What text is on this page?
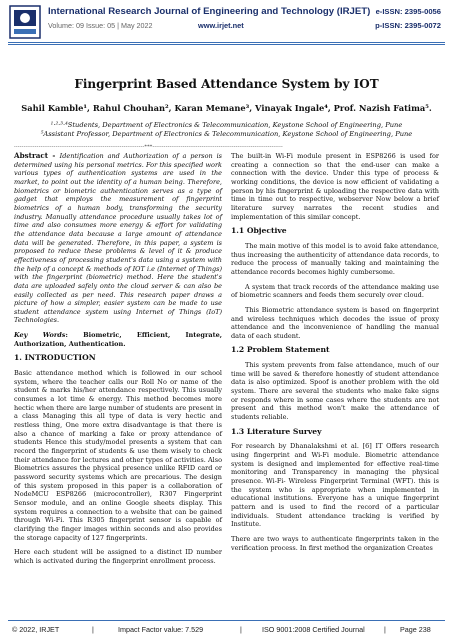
International Research Journal of Engineering and Technology (IRJET)
Volume: 09 Issue: 05 | May 2022	www.irjet.net
e-ISSN: 2395-0056
p-ISSN: 2395-0072
Fingerprint Based Attendance System by IOT
Sahil Kamble¹, Rahul Chouhan², Karan Memane³, Vinayak Ingale⁴, Prof. Nazish Fatima⁵.
¹·²·³·⁴Students, Department of Electronics & Telecommunication, Keystone School of Engineering, Pune
⁵Assistant Professor, Department of Electronics & Telecommunication, Keystone School of Engineering, Pune
---------------------------------------------------------------------***---------------------------------------------------------------------

Abstract - Identification and Authorization of a person is determined using his personal metrics. For this specified work various types of authentication systems are used in the market, to point out the identity of a human being. Therefore, biometrics or biometric authentication serves as a type of gadget that employs the measurement of fingerprint biometrics of a human body, transforming the security industry. Manually attendance procedure usually takes lot of time and also consumes more energy & effort for validating the attendance data because a large amount of attendance data will be generated. Therefore, in this paper, a system is proposed to reduce these problems & level of it & produce effectiveness of processing student's data using a system with the help of a concept & methods of IOT i.e (Internet of Things) with the fingerprint (biometric) method. Here the student's data are uploaded safely onto the cloud server & can also be easily collected as per need. This research paper draws a picture of how a simpler, easier system can be made to use student attendance system using Internet of Things (IoT) Technologies.

Key Words: Biometric, Efficient, Integrate, Authorization, Authentication.

1. INTRODUCTION

Basic attendance method which is followed in our school system, where the teacher calls our Roll No or name of the student & marks his/her attendance respectively. This usually consumes a lot time & energy. This method becomes more hectic when there are large number of students are present in a class Managing this all type of data is very hectic and restless thing, One more extra disadvantage is that there is also a chance of marking a fake or proxy attendance of students Hence this study/model presents a system that can record the fingerprint of students & use them wisely to check their attendance for lectures and other types of activities. Also Biometrics assures the physical presence unlike RFID card or password security systems which are precarious. The design of this system proposed in this paper is a collaboration of NodeMCU ESP8266 (microcontroller), R307 Fingerprint Sensor module, and an online Google sheets display. This system requires a connection to a website that can be gained through Wi-Fi. This R305 fingerprint sensor is capable of clarifying the finger images within seconds and also provides the storage capacity of 127 fingerprints.

Here each student will be assigned to a distinct ID number which is activated during the fingerprint enrollment process.

The built-in Wi-Fi module present in ESP8266 is used for creating a connection so that the end-user can make a connection with the device. Under this type of process & working conditions, the device is now efficient of validating a person by his fingerprint & uploading the respective data with time in time out to respective, webserver Now below a brief literature survey narrates the recent studies and implementation of this similar concept.

1.1 Objective

The main motive of this model is to avoid fake attendance, thus increasing the authenticity of attendance data records, to reduce the process of manually taking and maintaining the attendance records becomes highly cumbersome.

A system that track records of the attendance making use of biometric scanners and feeds them securely over cloud.

This Biometric attendance system is based on fingerprint and wireless techniques which decodes the issue of proxy attendance and the inconvenience of handling the manual data of each student.

1.2 Problem Statement

This system prevents from false attendance, much of our time will be saved & therefore honestly of student attendance data is also optimized. Spoof is another problem with the old system. There are several the students who make fake signs or responds where in some cases where the students are not present and this method won't make the attendance of students reliable.

1.3 Literature Survey

For research by Dhanalakshmi et al. [6] IT Offers research using fingerprint and Wi-Fi module. Biometric attendance system is designed and implemented for effective real-time monitoring and Transparency in managing the physical presence. Wi-Fi- Wireless Fingerprint Terminal (WFT). this is the system who is appropriate when implemented in educational institutions. Everyone has a unique fingerprint pattern and is used to find the record of a particular individuals. Student attendance tracking is verified by Institute.

There are two ways to authenticate fingerprints taken in the verification process. In first method the organization Creates

© 2022, IRJET	|	Impact Factor value: 7.529	|	ISO 9001:2008 Certified Journal	| Page 238
